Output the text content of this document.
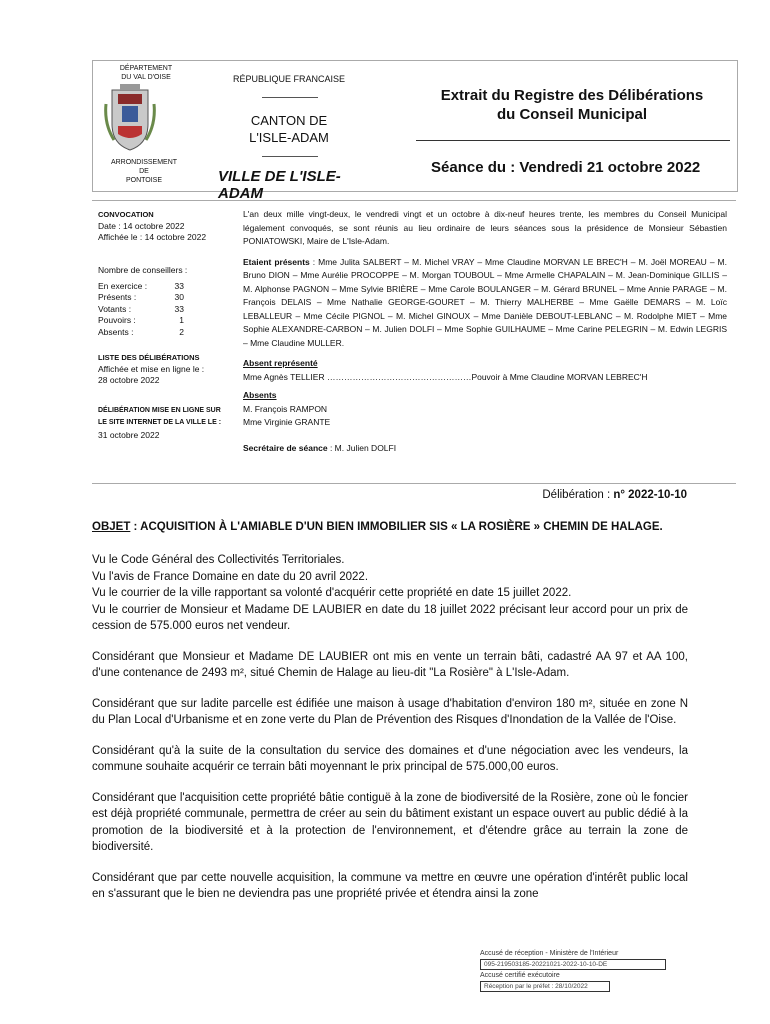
DÉPARTEMENT
DU VAL D'OISE
ARRONDISSEMENT
DE
PONTOISE
RÉPUBLIQUE FRANCAISE
CANTON DE
L'ISLE-ADAM
VILLE DE L'ISLE-ADAM
Extrait du Registre des Délibérations
du Conseil Municipal
Séance du : Vendredi 21 octobre 2022
CONVOCATION
Date : 14 octobre 2022
Affichée le : 14 octobre 2022
Nombre de conseillers :
En exercice :	33
Présents :	30
Votants :	33
Pouvoirs :	1
Absents :	2
LISTE DES DÉLIBÉRATIONS
Affichée et mise en ligne le :
28 octobre 2022
DÉLIBÉRATION MISE EN LIGNE SUR
LE SITE INTERNET DE LA VILLE LE :
31 octobre 2022
L'an deux mille vingt-deux, le vendredi vingt et un octobre à dix-neuf heures trente, les membres du Conseil Municipal légalement convoqués, se sont réunis au lieu ordinaire de leurs séances sous la présidence de Monsieur Sébastien PONIATOWSKI, Maire de L'Isle-Adam.
Etaient présents : Mme Julita SALBERT – M. Michel VRAY – Mme Claudine MORVAN LE BREC'H – M. Joël MOREAU – M. Bruno DION – Mme Aurélie PROCOPPE – M. Morgan TOUBOUL – Mme Armelle CHAPALAIN – M. Jean-Dominique GILLIS – M. Alphonse PAGNON – Mme Sylvie BRIÈRE – Mme Carole BOULANGER – M. Gérard BRUNEL – Mme Annie PARAGE – M. François DELAIS – Mme Nathalie GEORGE-GOURET – M. Thierry MALHERBE – Mme Gaëlle DEMARS – M. Loïc LEBALLEUR – Mme Cécile PIGNOL – M. Michel GINOUX – Mme Danièle DEBOUT-LEBLANC – M. Rodolphe MIET – Mme Sophie ALEXANDRE-CARBON – M. Julien DOLFI – Mme Sophie GUILHAUME – Mme Carine PELEGRIN – M. Edwin LEGRIS – Mme Claudine MULLER.
Absent représenté
Mme Agnès TELLIER ……………………………………………Pouvoir à Mme Claudine MORVAN LEBREC'H
Absents
M. François RAMPON
Mme Virginie GRANTE
Secrétaire de séance : M. Julien DOLFI
Délibération : n° 2022-10-10
OBJET : ACQUISITION À L'AMIABLE D'UN BIEN IMMOBILIER SIS « LA ROSIÈRE » CHEMIN DE HALAGE.

Vu le Code Général des Collectivités Territoriales.
Vu l'avis de France Domaine en date du 20 avril 2022.
Vu le courrier de la ville rapportant sa volonté d'acquérir cette propriété en date 15 juillet 2022.
Vu le courrier de Monsieur et Madame DE LAUBIER en date du 18 juillet 2022 précisant leur accord pour un prix de cession de 575.000 euros net vendeur.

Considérant que Monsieur et Madame DE LAUBIER ont mis en vente un terrain bâti, cadastré AA 97 et AA 100, d'une contenance de 2493 m², situé Chemin de Halage au lieu-dit "La Rosière" à L'Isle-Adam.

Considérant que sur ladite parcelle est édifiée une maison à usage d'habitation d'environ 180 m², située en zone N du Plan Local d'Urbanisme et en zone verte du Plan de Prévention des Risques d'Inondation de la Vallée de l'Oise.

Considérant qu'à la suite de la consultation du service des domaines et d'une négociation avec les vendeurs, la commune souhaite acquérir ce terrain bâti moyennant le prix principal de 575.000,00 euros.

Considérant que l'acquisition cette propriété bâtie contiguë à la zone de biodiversité de la Rosière, zone où le foncier est déjà propriété communale, permettra de créer au sein du bâtiment existant un espace ouvert au public dédié à la promotion de la biodiversité et à la protection de l'environnement, et d'étendre grâce au terrain la zone de biodiversité.

Considérant que par cette nouvelle acquisition, la commune va mettre en œuvre une opération d'intérêt public local en s'assurant que le bien ne deviendra pas une propriété privée et étendra ainsi la zone

Accusé de réception - Ministère de l'Intérieur
095-219503185-20221021-2022-10-10-DE
Accusé certifié exécutoire
Réception par le préfet : 28/10/2022
